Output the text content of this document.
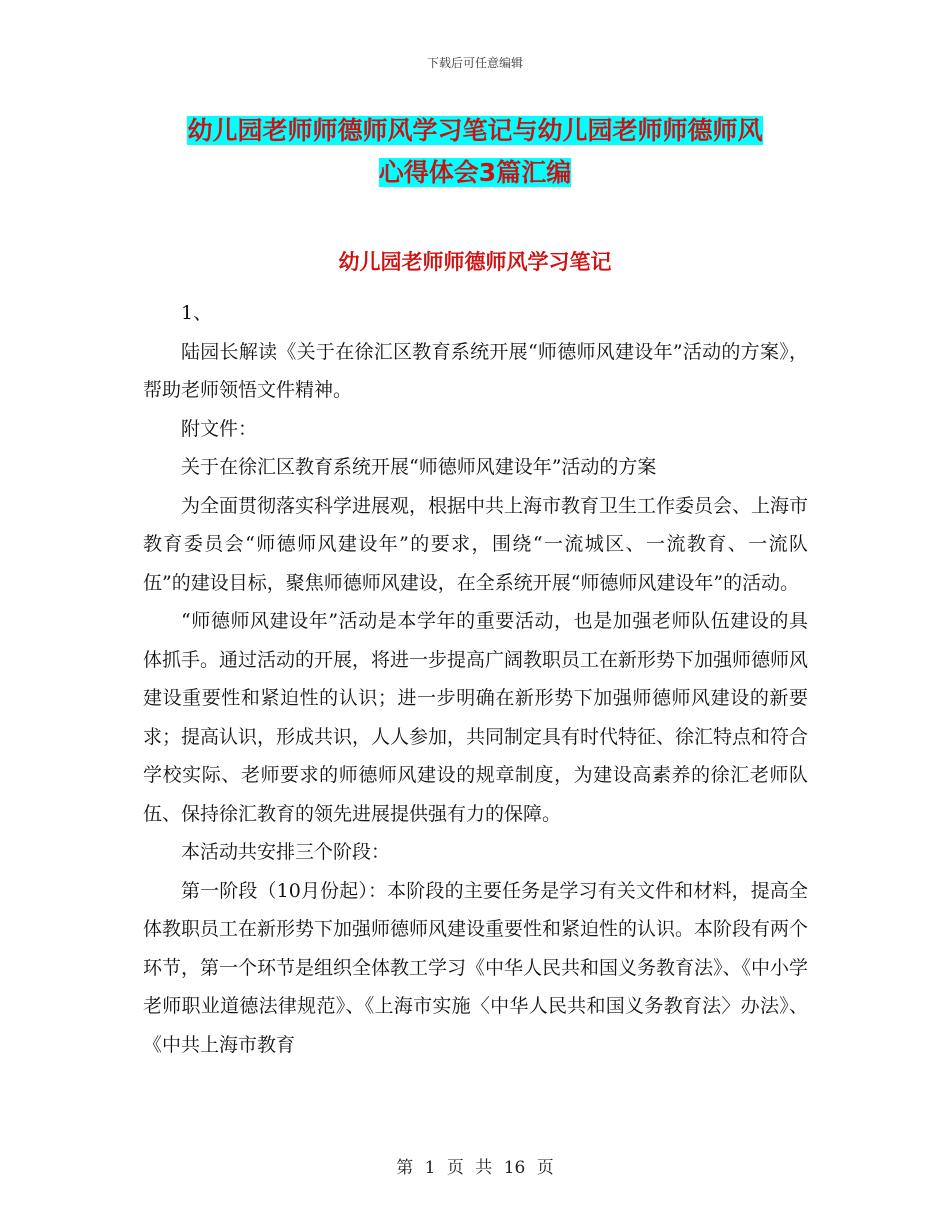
下载后可任意编辑
幼儿园老师师德师风学习笔记与幼儿园老师师德师风
心得体会3篇汇编
幼儿园老师师德师风学习笔记

1、

陆园长解读《关于在徐汇区教育系统开展“师德师风建设年”活动的方案》，帮助老师领悟文件精神。

附文件：

关于在徐汇区教育系统开展“师德师风建设年”活动的方案

为全面贯彻落实科学进展观，根据中共上海市教育卫生工作委员会、上海市教育委员会“师德师风建设年”的要求，围绕“一流城区、一流教育、一流队伍”的建设目标，聚焦师德师风建设，在全系统开展“师德师风建设年”的活动。

“师德师风建设年”活动是本学年的重要活动，也是加强老师队伍建设的具体抓手。通过活动的开展，将进一步提高广阔教职员工在新形势下加强师德师风建设重要性和紧迫性的认识；进一步明确在新形势下加强师德师风建设的新要求；提高认识，形成共识，人人参加，共同制定具有时代特征、徐汇特点和符合学校实际、老师要求的师德师风建设的规章制度，为建设高素养的徐汇老师队伍、保持徐汇教育的领先进展提供强有力的保障。

本活动共安排三个阶段：

第一阶段（10月份起）：本阶段的主要任务是学习有关文件和材料，提高全体教职员工在新形势下加强师德师风建设重要性和紧迫性的认识。本阶段有两个环节，第一个环节是组织全体教工学习《中华人民共和国义务教育法》、《中小学老师职业道德法律规范》、《上海市实施〈中华人民共和国义务教育法〉办法》、《中共上海市教育

第 1 页 共 16 页
